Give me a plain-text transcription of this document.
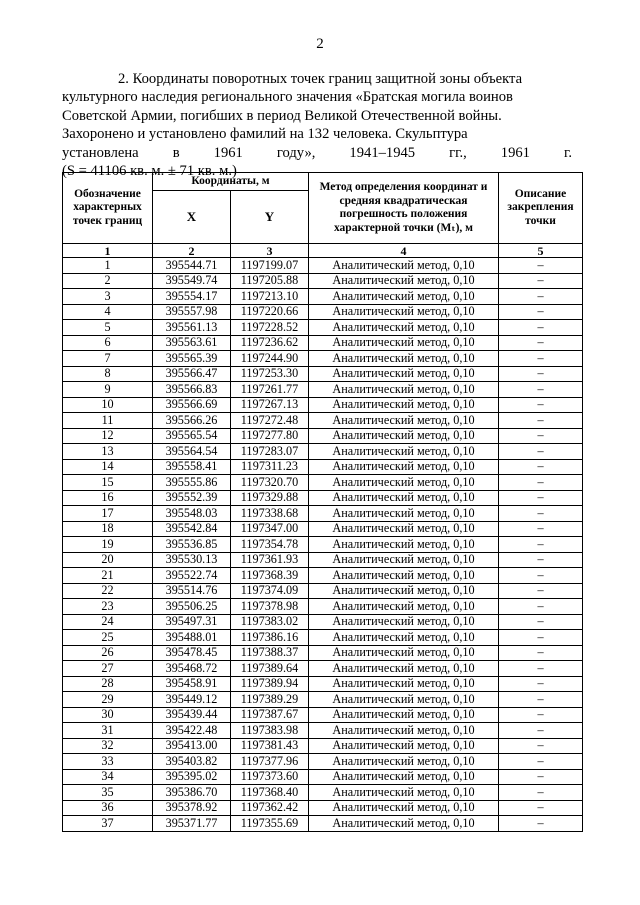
2
2. Координаты поворотных точек границ защитной зоны объекта
культурного наследия регионального значения «Братская могила воинов
Советской Армии, погибших в период Великой Отечественной войны.
Захоронено и установлено фамилий на 132 человека. Скульптура
установлена в 1961 году», 1941–1945 гг., 1961 г.
(S = 41106 кв. м. ± 71 кв. м.)
Обозначение характерных точек границ	Координаты, м		Метод определения координат и средняя квадратическая погрешность положения характерной точки (Mₜ), м	Описание закрепления точки
	X	Y		
1	2	3	4	5
1	395544.71	1197199.07	Аналитический метод, 0,10	–
2	395549.74	1197205.88	Аналитический метод, 0,10	–
3	395554.17	1197213.10	Аналитический метод, 0,10	–
4	395557.98	1197220.66	Аналитический метод, 0,10	–
5	395561.13	1197228.52	Аналитический метод, 0,10	–
6	395563.61	1197236.62	Аналитический метод, 0,10	–
7	395565.39	1197244.90	Аналитический метод, 0,10	–
8	395566.47	1197253.30	Аналитический метод, 0,10	–
9	395566.83	1197261.77	Аналитический метод, 0,10	–
10	395566.69	1197267.13	Аналитический метод, 0,10	–
11	395566.26	1197272.48	Аналитический метод, 0,10	–
12	395565.54	1197277.80	Аналитический метод, 0,10	–
13	395564.54	1197283.07	Аналитический метод, 0,10	–
14	395558.41	1197311.23	Аналитический метод, 0,10	–
15	395555.86	1197320.70	Аналитический метод, 0,10	–
16	395552.39	1197329.88	Аналитический метод, 0,10	–
17	395548.03	1197338.68	Аналитический метод, 0,10	–
18	395542.84	1197347.00	Аналитический метод, 0,10	–
19	395536.85	1197354.78	Аналитический метод, 0,10	–
20	395530.13	1197361.93	Аналитический метод, 0,10	–
21	395522.74	1197368.39	Аналитический метод, 0,10	–
22	395514.76	1197374.09	Аналитический метод, 0,10	–
23	395506.25	1197378.98	Аналитический метод, 0,10	–
24	395497.31	1197383.02	Аналитический метод, 0,10	–
25	395488.01	1197386.16	Аналитический метод, 0,10	–
26	395478.45	1197388.37	Аналитический метод, 0,10	–
27	395468.72	1197389.64	Аналитический метод, 0,10	–
28	395458.91	1197389.94	Аналитический метод, 0,10	–
29	395449.12	1197389.29	Аналитический метод, 0,10	–
30	395439.44	1197387.67	Аналитический метод, 0,10	–
31	395422.48	1197383.98	Аналитический метод, 0,10	–
32	395413.00	1197381.43	Аналитический метод, 0,10	–
33	395403.82	1197377.96	Аналитический метод, 0,10	–
34	395395.02	1197373.60	Аналитический метод, 0,10	–
35	395386.70	1197368.40	Аналитический метод, 0,10	–
36	395378.92	1197362.42	Аналитический метод, 0,10	–
37	395371.77	1197355.69	Аналитический метод, 0,10	–
